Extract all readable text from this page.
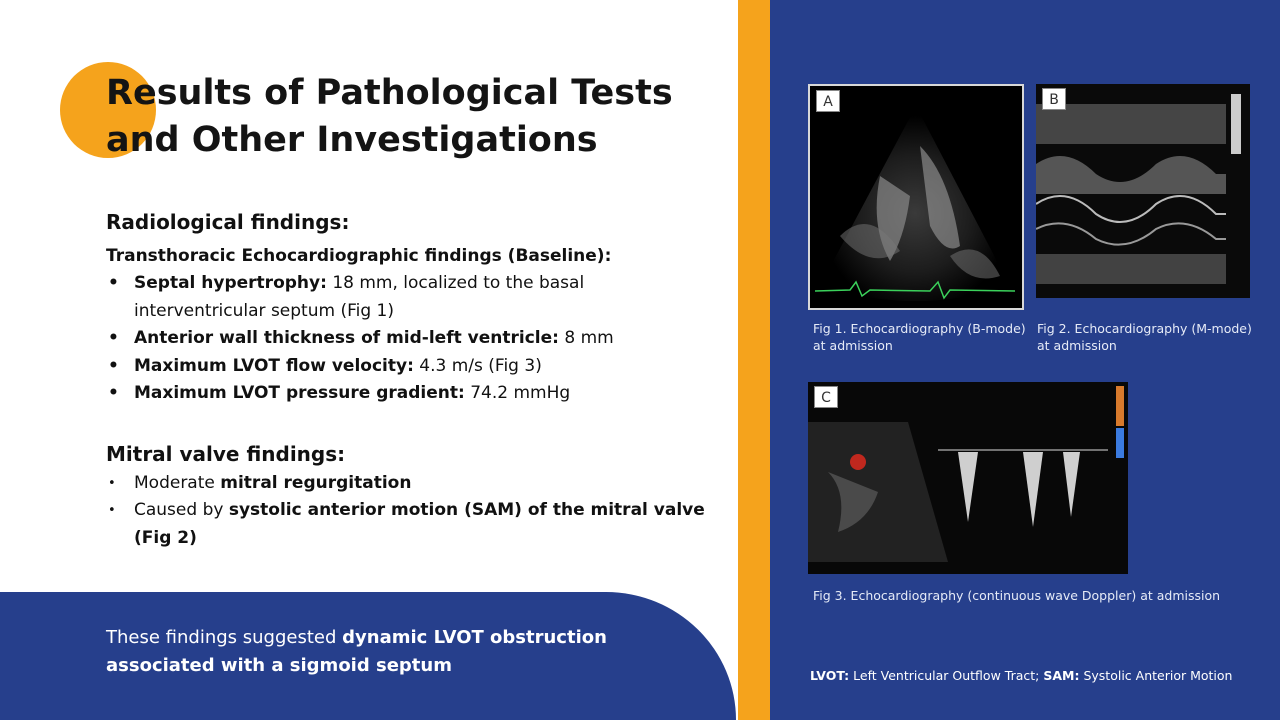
Results of Pathological Tests and Other Investigations
Radiological findings:
Transthoracic Echocardiographic findings (Baseline):
• Septal hypertrophy: 18 mm, localized to the basal interventricular septum (Fig 1)
• Anterior wall thickness of mid-left ventricle: 8 mm
• Maximum LVOT flow velocity: 4.3 m/s (Fig 3)
• Maximum LVOT pressure gradient: 74.2 mmHg
Mitral valve findings:
• Moderate mitral regurgitation
• Caused by systolic anterior motion (SAM) of the mitral valve (Fig 2)
These findings suggested dynamic LVOT obstruction associated with a sigmoid septum
A	B
C
Fig 1. Echocardiography (B-mode) at admission
Fig 2. Echocardiography (M-mode) at admission
Fig 3. Echocardiography (continuous wave Doppler) at admission
LVOT: Left Ventricular Outflow Tract; SAM: Systolic Anterior Motion
